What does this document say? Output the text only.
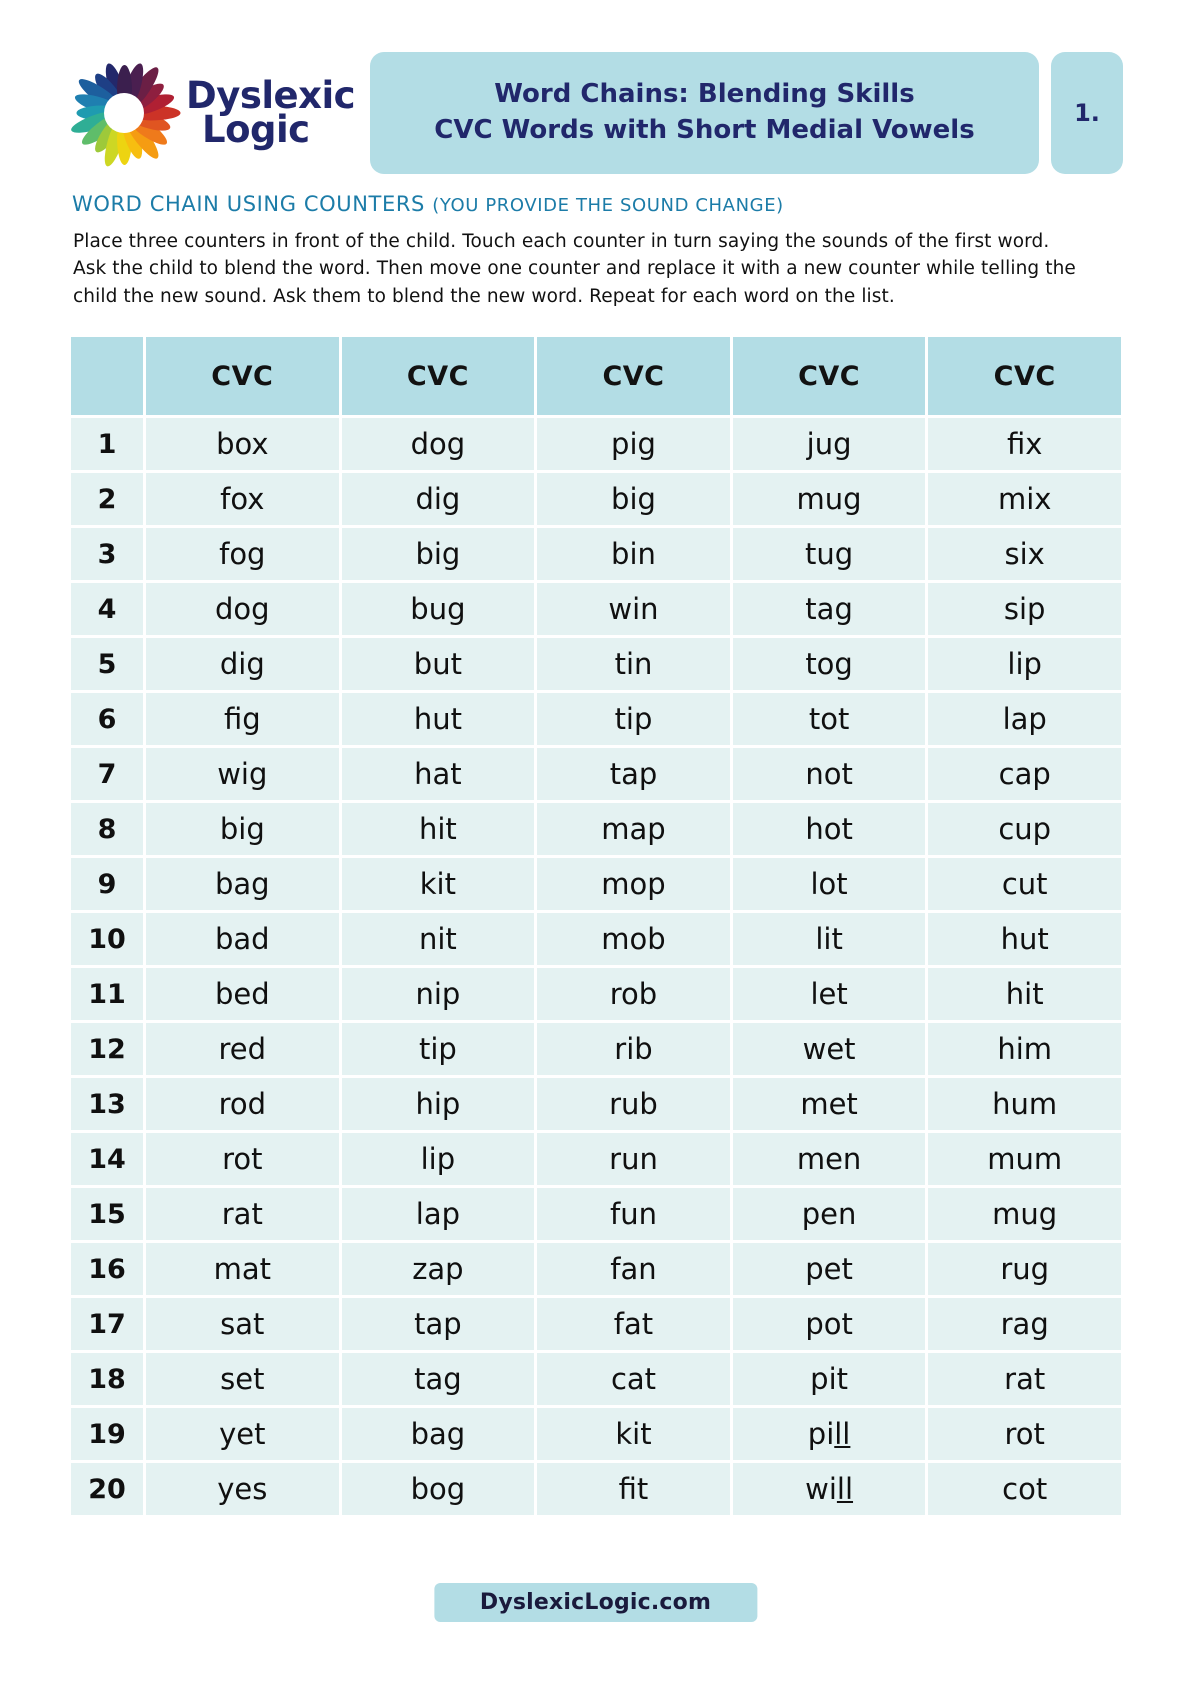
Dyslexic
Logic
Word Chains: Blending Skills
CVC Words with Short Medial Vowels
1.
WORD CHAIN USING COUNTERS (YOU PROVIDE THE SOUND CHANGE)
Place three counters in front of the child. Touch each counter in turn saying the sounds of the first word. Ask the child to blend the word. Then move one counter and replace it with a new counter while telling the child the new sound. Ask them to blend the new word. Repeat for each word on the list.
	CVC	CVC	CVC	CVC	CVC
1	box	dog	pig	jug	fix
2	fox	dig	big	mug	mix
3	fog	big	bin	tug	six
4	dog	bug	win	tag	sip
5	dig	but	tin	tog	lip
6	fig	hut	tip	tot	lap
7	wig	hat	tap	not	cap
8	big	hit	map	hot	cup
9	bag	kit	mop	lot	cut
10	bad	nit	mob	lit	hut
11	bed	nip	rob	let	hit
12	red	tip	rib	wet	him
13	rod	hip	rub	met	hum
14	rot	lip	run	men	mum
15	rat	lap	fun	pen	mug
16	mat	zap	fan	pet	rug
17	sat	tap	fat	pot	rag
18	set	tag	cat	pit	rat
19	yet	bag	kit	pill	rot
20	yes	bog	fit	will	cot
DyslexicLogic.com
